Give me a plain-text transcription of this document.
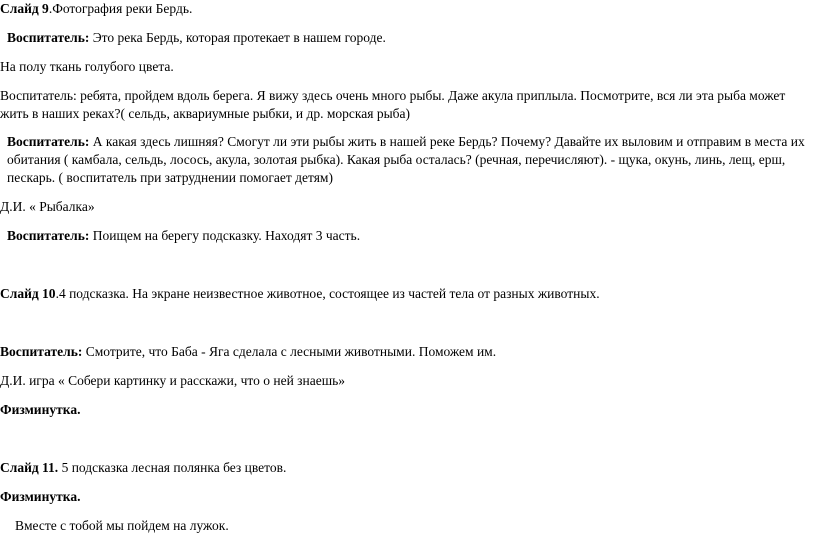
Слайд 9.Фотография реки Бердь.

Воспитатель: Это река Бердь, которая протекает в нашем городе.

На полу ткань голубого цвета.

Воспитатель: ребята, пройдем вдоль берега. Я вижу здесь очень много рыбы. Даже акула приплыла. Посмотрите, вся ли эта рыба может жить в наших реках?( сельдь, аквариумные рыбки, и др. морская рыба)

Воспитатель: А какая здесь лишняя? Смогут ли эти рыбы жить в нашей реке Бердь? Почему? Давайте их выловим и отправим в места их обитания ( камбала, сельдь, лосось, акула, золотая рыбка). Какая рыба осталась? (речная, перечисляют). - щука, окунь, линь, лещ, ерш, пескарь. ( воспитатель при затруднении помогает детям)

Д.И. « Рыбалка»

Воспитатель: Поищем на берегу подсказку. Находят 3 часть.

Слайд 10.4 подсказка. На экране неизвестное животное, состоящее из частей тела от разных животных.

Воспитатель: Смотрите, что Баба - Яга сделала с лесными животными. Поможем им.

Д.И. игра « Собери картинку и расскажи, что о ней знаешь»

Физминутка.

Слайд 11. 5 подсказка лесная полянка без цветов.

Физминутка.

Вместе с тобой мы пойдем на лужок.
